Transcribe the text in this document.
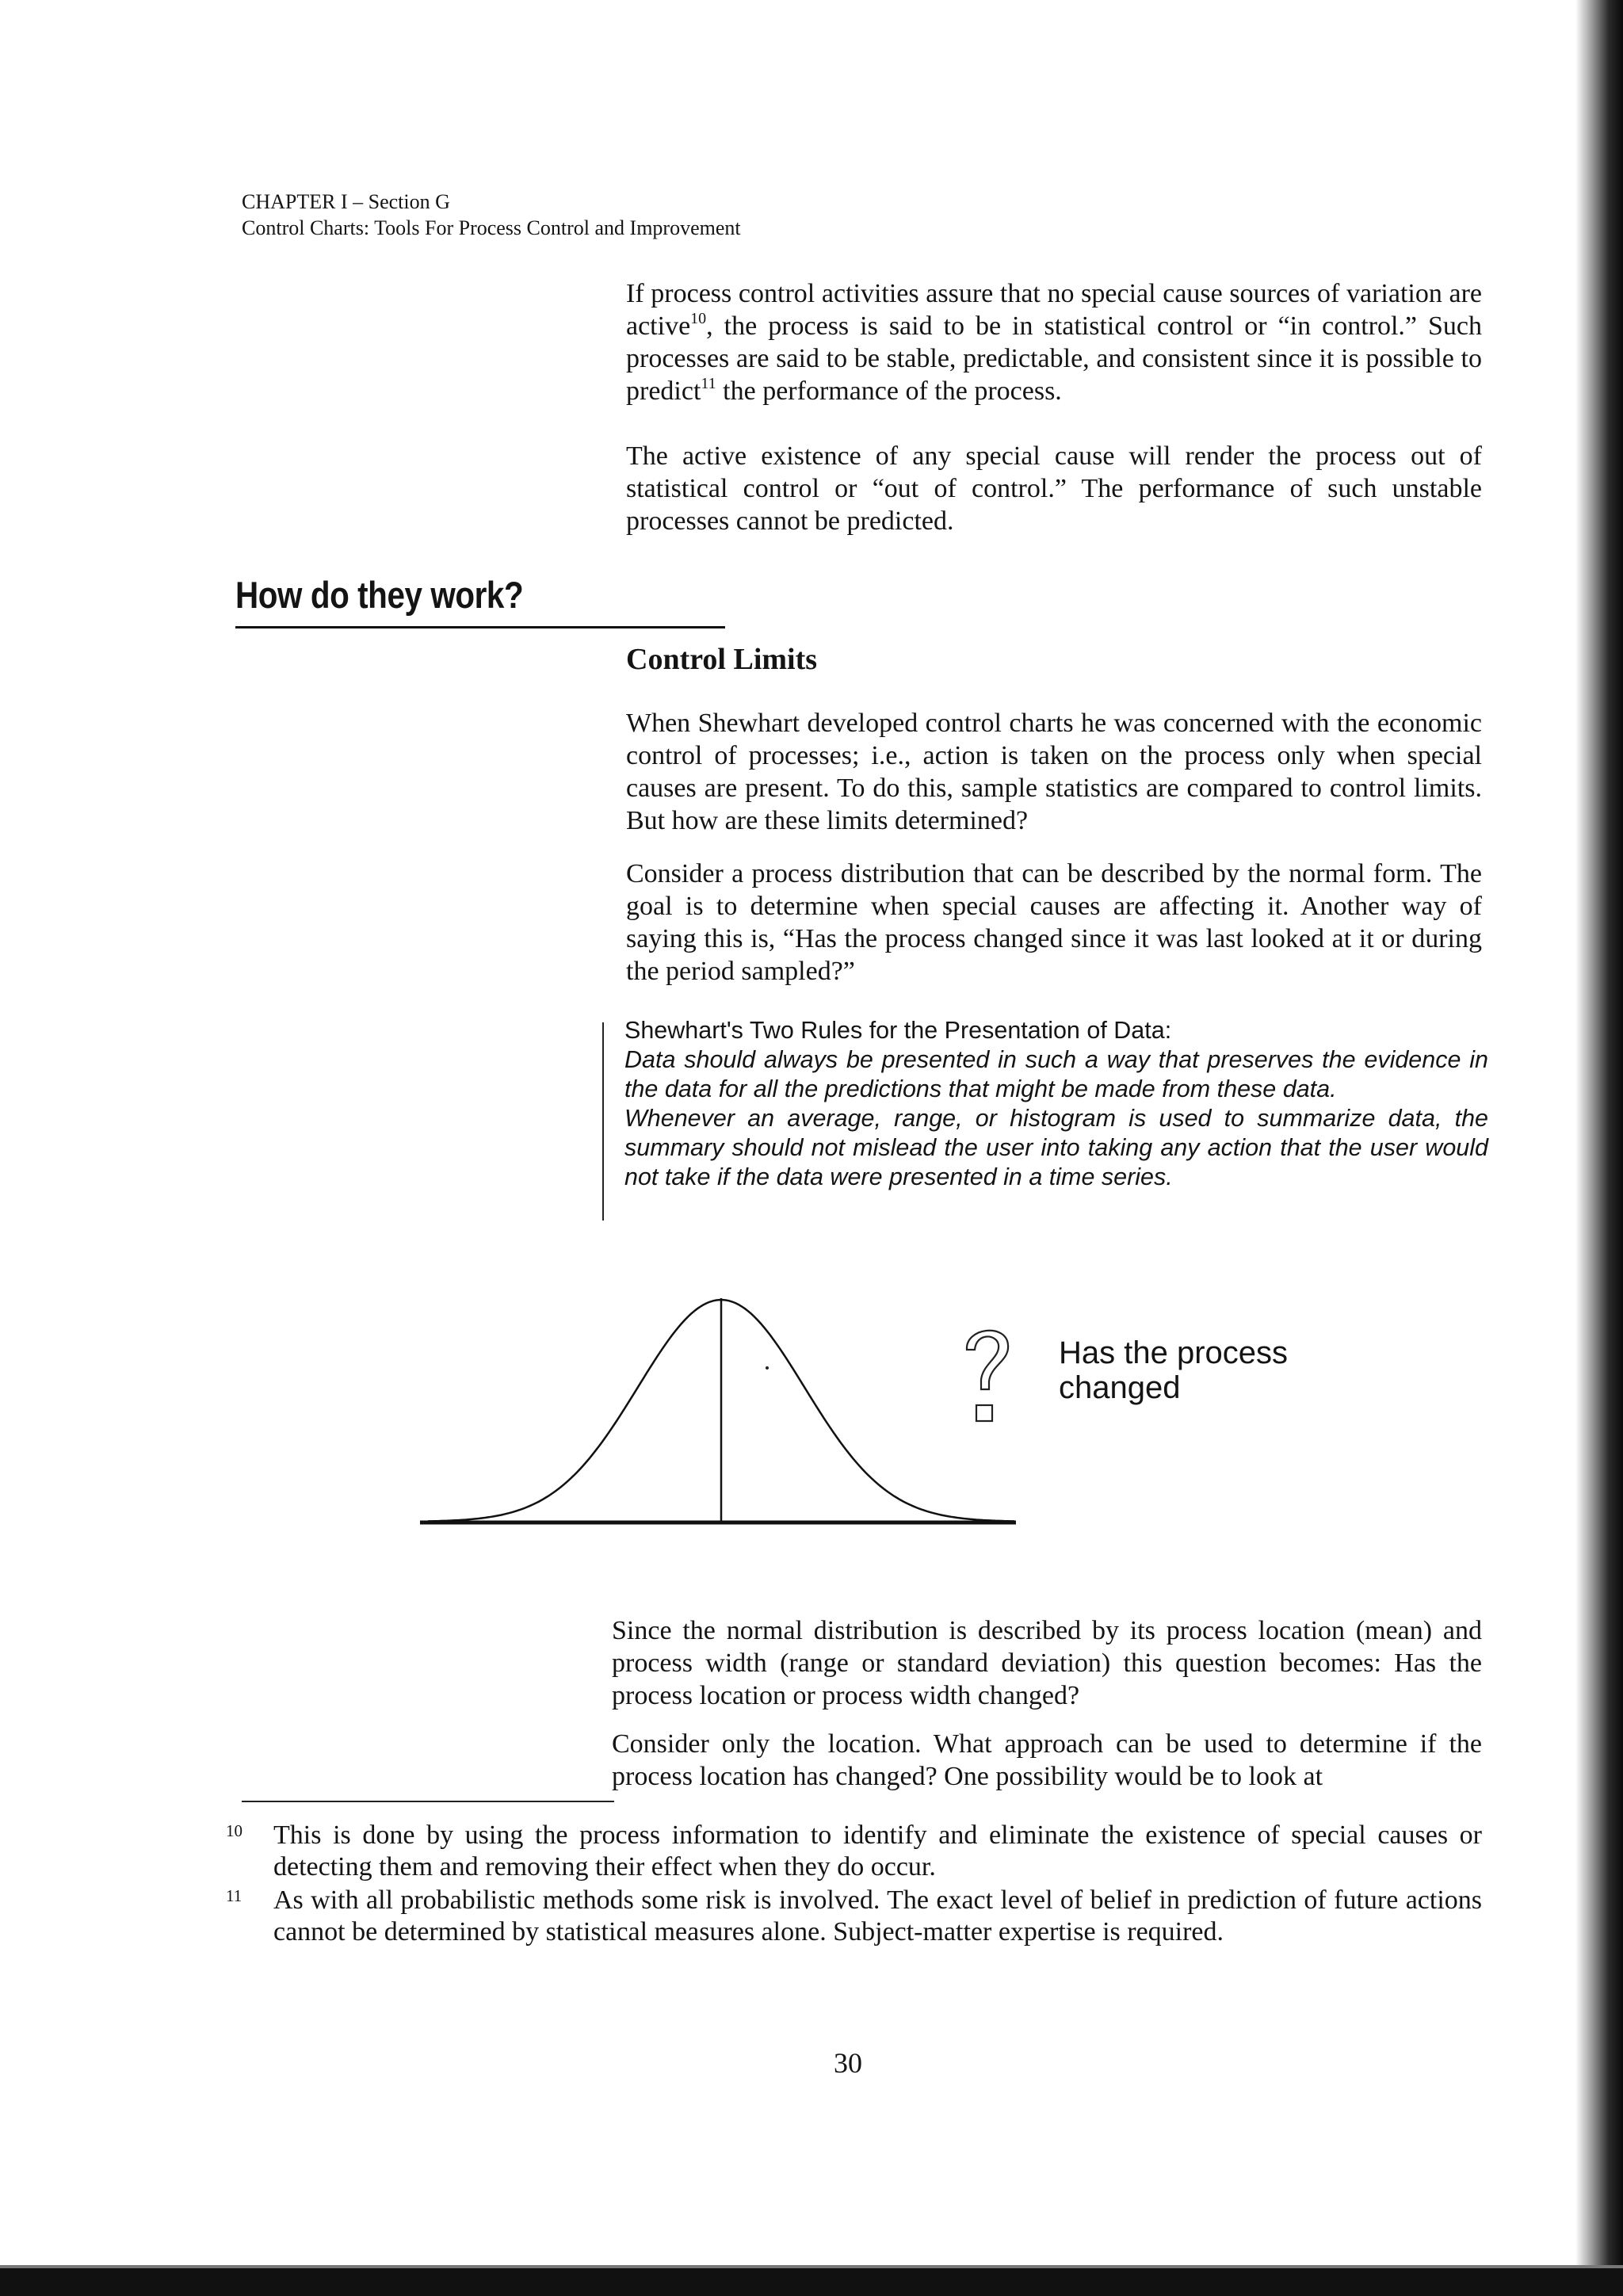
CHAPTER I – Section G
Control Charts: Tools For Process Control and Improvement

If process control activities assure that no special cause sources of variation are active$^{10}$, the process is said to be in statistical control or “in control.” Such processes are said to be stable, predictable, and consistent since it is possible to predict$^{11}$ the performance of the process.

The active existence of any special cause will render the process out of statistical control or “out of control.” The performance of such unstable processes cannot be predicted.

How do they work?
Control Limits

When Shewhart developed control charts he was concerned with the economic control of processes; i.e., action is taken on the process only when special causes are present. To do this, sample statistics are compared to control limits. But how are these limits determined?

Consider a process distribution that can be described by the normal form. The goal is to determine when special causes are affecting it. Another way of saying this is, “Has the process changed since it was last looked at it or during the period sampled?”

Shewhart's Two Rules for the Presentation of Data:

Data should always be presented in such a way that preserves the evidence in the data for all the predictions that might be made from these data.

Whenever an average, range, or histogram is used to summarize data, the summary should not mislead the user into taking any action that the user would not take if the data were presented in a time series.

Has the process
changed

Since the normal distribution is described by its process location (mean) and process width (range or standard deviation) this question becomes: Has the process location or process width changed?

Consider only the location. What approach can be used to determine if the process location has changed? One possibility would be to look at

10 This is done by using the process information to identify and eliminate the existence of special causes or detecting them and removing their effect when they do occur.
11 As with all probabilistic methods some risk is involved. The exact level of belief in prediction of future actions cannot be determined by statistical measures alone. Subject-matter expertise is required.
30
